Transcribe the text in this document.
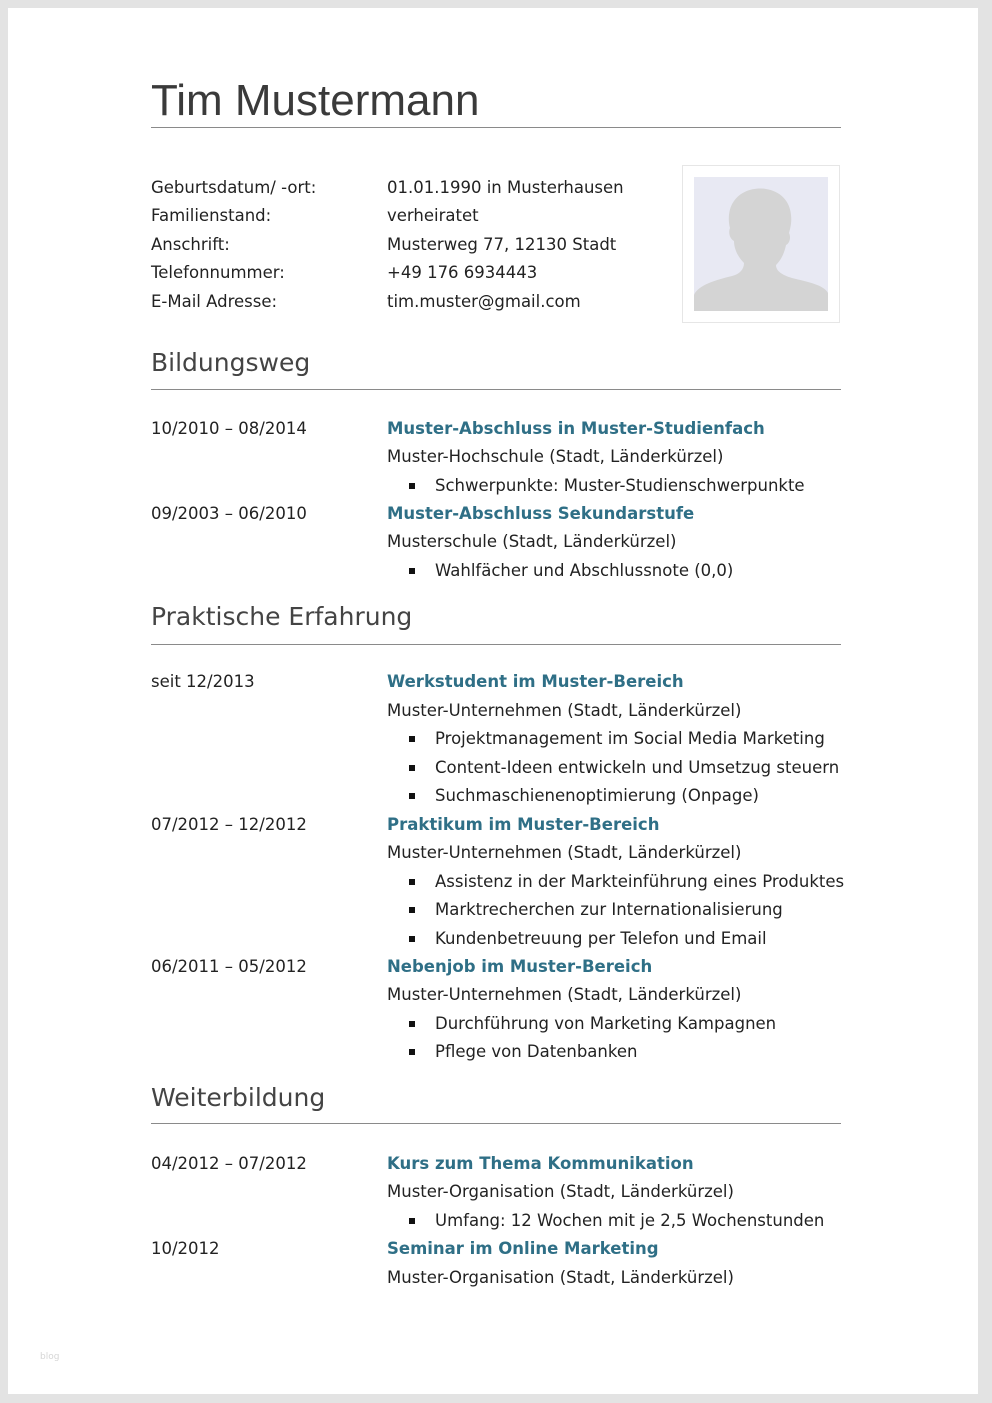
Tim Mustermann
Geburtsdatum/ -ort:	01.01.1990 in Musterhausen
Familienstand:	verheiratet
Anschrift:	Musterweg 77, 12130 Stadt
Telefonnummer:	+49 176 6934443
E-Mail Adresse:	tim.muster@gmail.com
Bildungsweg
10/2010 – 08/2014	Muster-Abschluss in Muster-Studienfach
Muster-Hochschule (Stadt, Länderkürzel)
Schwerpunkte: Muster-Studienschwerpunkte
09/2003 – 06/2010	Muster-Abschluss Sekundarstufe
Musterschule (Stadt, Länderkürzel)
Wahlfächer und Abschlussnote (0,0)
Praktische Erfahrung
seit 12/2013	Werkstudent im Muster-Bereich
Muster-Unternehmen (Stadt, Länderkürzel)
Projektmanagement im Social Media Marketing
Content-Ideen entwickeln und Umsetzug steuern
Suchmaschienenoptimierung (Onpage)
07/2012 – 12/2012	Praktikum im Muster-Bereich
Muster-Unternehmen (Stadt, Länderkürzel)
Assistenz in der Markteinführung eines Produktes
Marktrecherchen zur Internationalisierung
Kundenbetreuung per Telefon und Email
06/2011 – 05/2012	Nebenjob im Muster-Bereich
Muster-Unternehmen (Stadt, Länderkürzel)
Durchführung von Marketing Kampagnen
Pflege von Datenbanken
Weiterbildung
04/2012 – 07/2012	Kurs zum Thema Kommunikation
Muster-Organisation (Stadt, Länderkürzel)
Umfang: 12 Wochen mit je 2,5 Wochenstunden
10/2012	Seminar im Online Marketing
Muster-Organisation (Stadt, Länderkürzel)
blog
